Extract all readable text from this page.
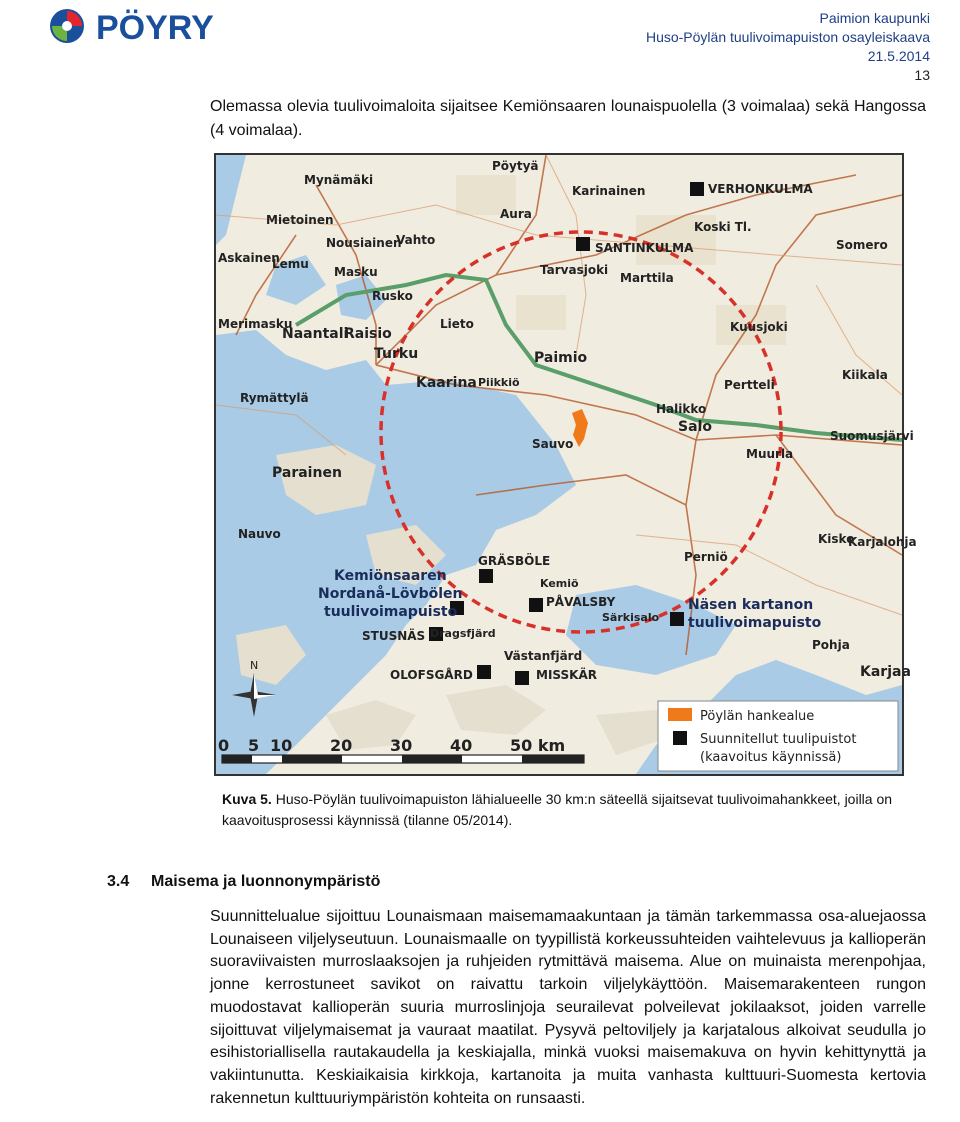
PÖYRY	Paimion kaupunki
Huso-Pöylän tuulivoimapuiston osayleiskaava
21.5.2014
13
Olemassa olevia tuulivoimaloita sijaitsee Kemiönsaaren lounaispuolella (3 voimalaa) sekä Hangossa (4 voimalaa).
Pöytyä
Mynämäki
Karinainen	VERHONKULMA
Mietoinen	Aura
Koski Tl.
SANTINKULMA	Somero
Nousiainen
Vahto
Askainen
Lemu
Masku	Tarvasjoki
Marttila
Rusko
Merimasku
Naantali
Raisio
Lieto	Kuusjoki
Turku	Paimio
Kaarina Piikkiö	Pertteli
Kiikala
Rymättylä
Halikko
Salo
Suomusjärvi
Sauvo
Muurla
Parainen
Nauvo	Kisko
Karjalohja
GRÄSBÖLE	Perniö
Kemiö
Kemiönsaaren
Nordanå-Lövbölen
tuulivoimapuisto
PÅVALSBY
Särkisalo
Näsen kartanon
tuulivoimapuisto
STUSNÄS Dragsfjärd
Pohja
Västanfjärd
Karjaa
OLOFSGÅRD	MISSKÄR
N
0 5 10 20 30 40 50 km
Pöylän hankealue
Suunnitellut tuulipuistot
(kaavoitus käynnissä)
Kuva 5. Huso-Pöylän tuulivoimapuiston lähialueelle 30 km:n säteellä sijaitsevat tuulivoimahankkeet, joilla on kaavoitusprosessi käynnissä (tilanne 05/2014).
3.4 Maisema ja luonnonympäristö

Suunnittelualue sijoittuu Lounaismaan maisemamaakuntaan ja tämän tarkemmassa osa-aluejaossa Lounaiseen viljelyseutuun. Lounaismaalle on tyypillistä korkeussuhteiden vaihtelevuus ja kallioperän suoraviivaisten murroslaaksojen ja ruhjeiden rytmittävä maisema. Alue on muinaista merenpohjaa, jonne kerrostuneet savikot on raivattu tarkoin viljelykäyttöön. Maisemarakenteen rungon muodostavat kallioperän suuria murroslinjoja seurailevat polveilevat jokilaaksot, joiden varrelle sijoittuvat viljelymaisemat ja vauraat maatilat. Pysyvä peltoviljely ja karjatalous alkoivat seudulla jo esihistoriallisella rautakaudella ja keskiajalla, minkä vuoksi maisemakuva on hyvin kehittynyttä ja vakiintunutta. Keskiaikaisia kirkkoja, kartanoita ja muita vanhasta kulttuuri-Suomesta kertovia rakennetun kulttuuriympäristön kohteita on runsaasti.
